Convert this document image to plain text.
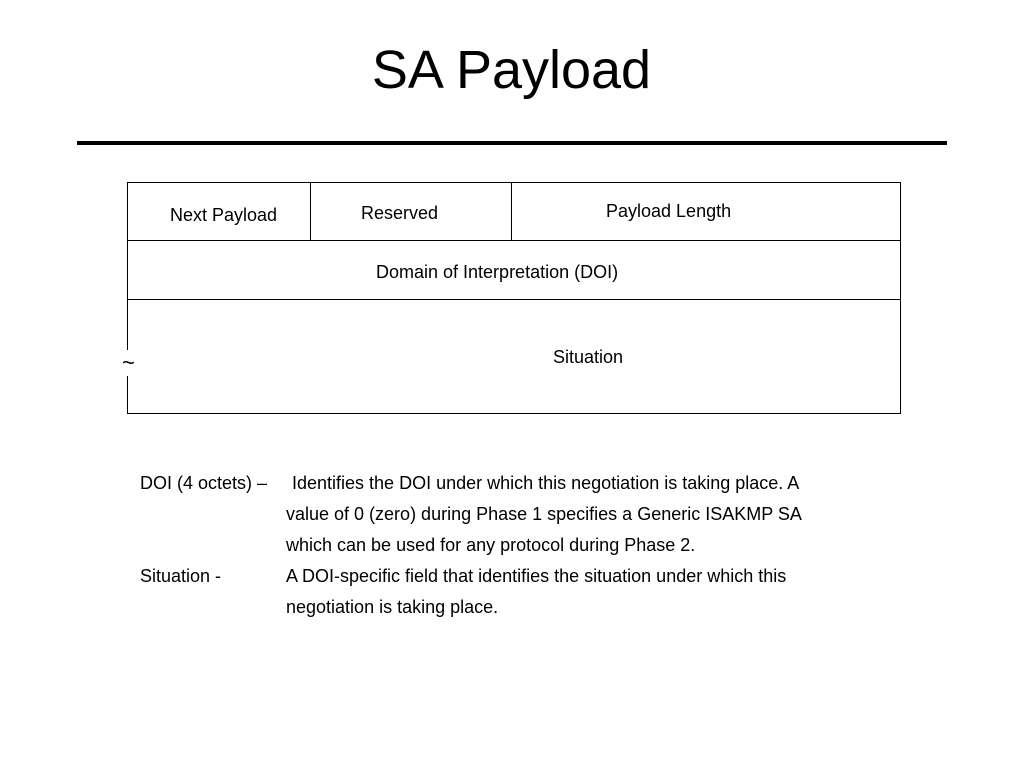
SA Payload
Next Payload	Reserved	Payload Length
Domain of Interpretation (DOI)
Situation
~
DOI (4 octets) – Identifies the DOI under which this negotiation is taking place. A
value of 0 (zero) during Phase 1 specifies a Generic ISAKMP SA
which can be used for any protocol during Phase 2.
Situation -	A DOI-specific field that identifies the situation under which this
negotiation is taking place.
